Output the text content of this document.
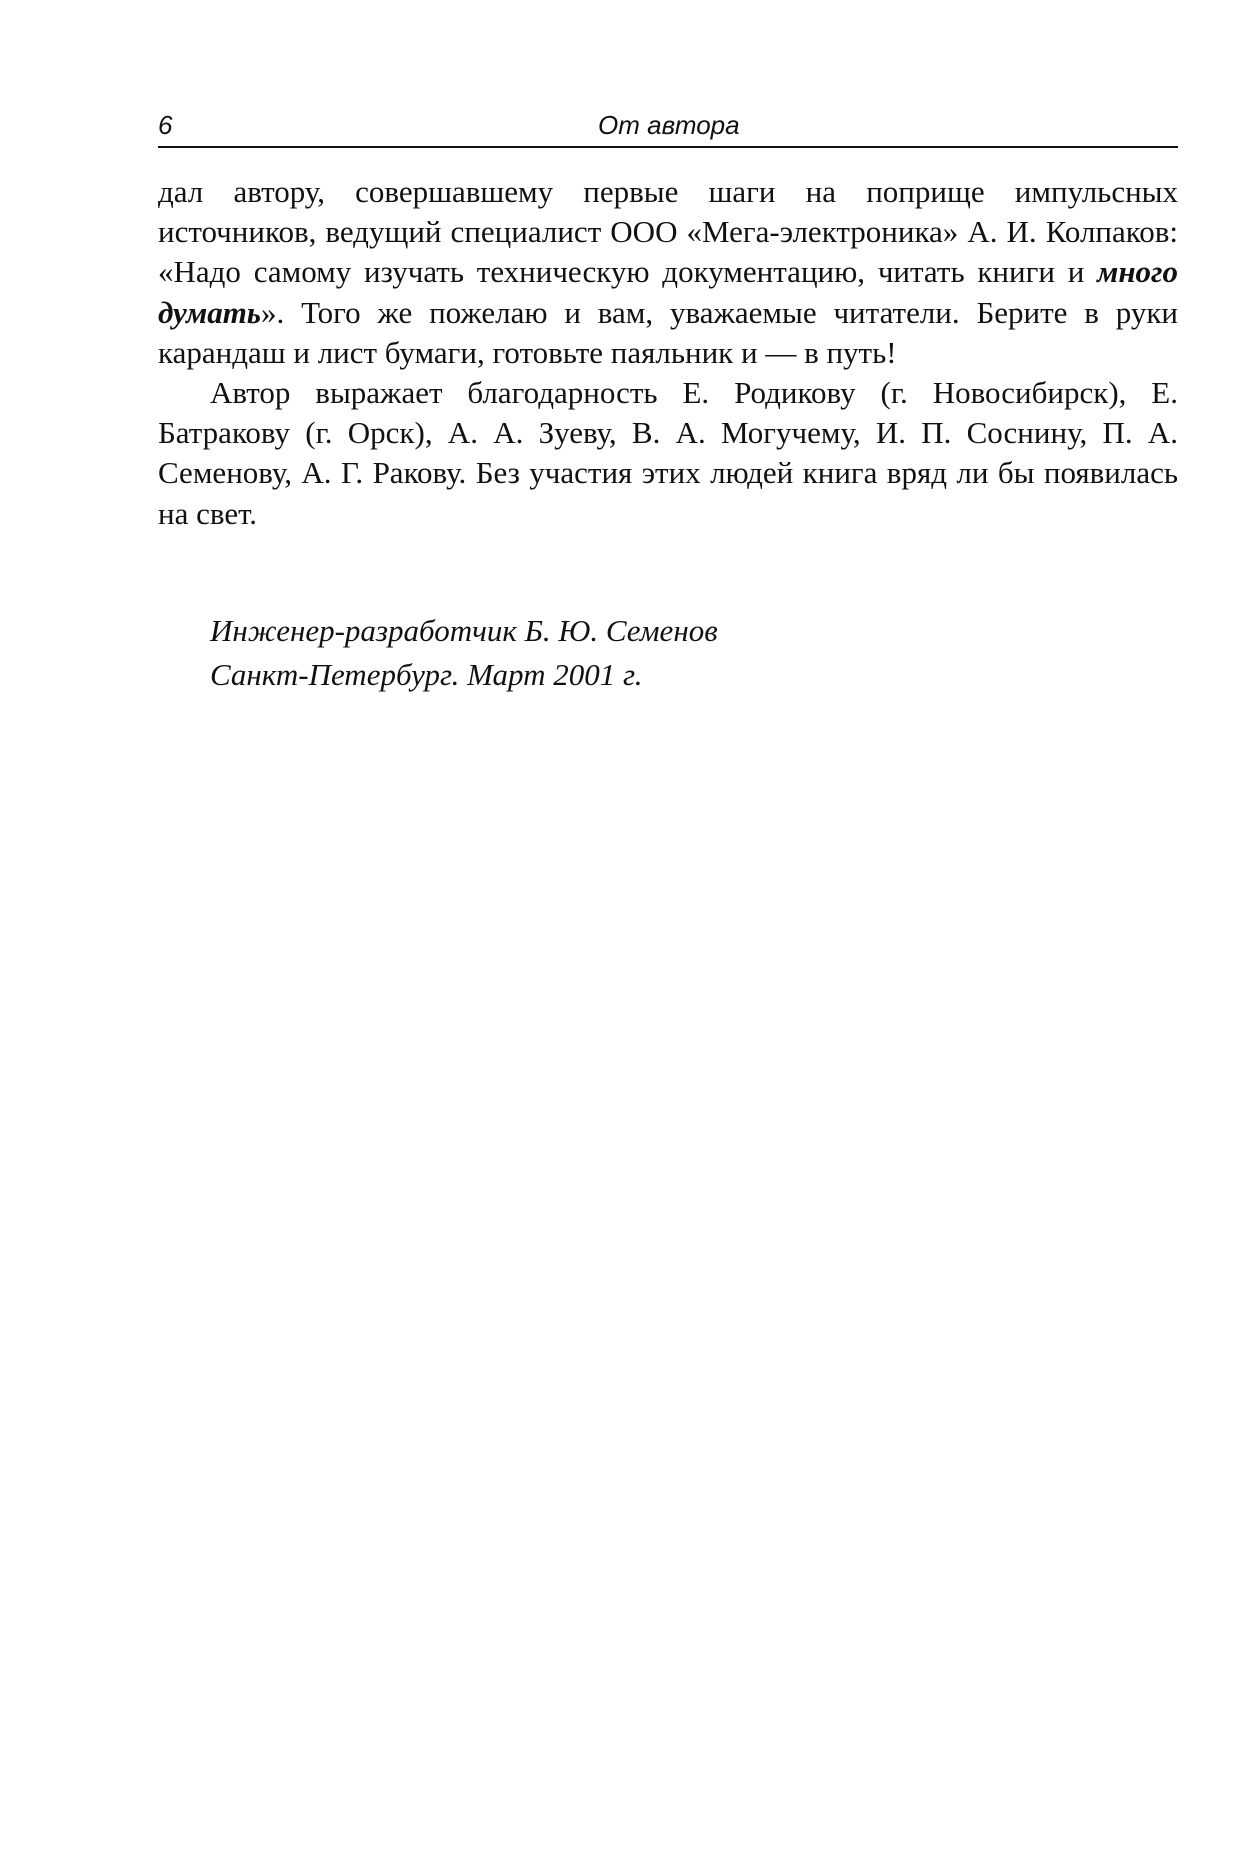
6	От автора

дал автору, совершавшему первые шаги на поприще импульсных источников, ведущий специалист ООО «Мега-электроника» А. И. Колпаков: «Надо самому изучать техническую документацию, читать книги и много думать». Того же пожелаю и вам, уважаемые читатели. Берите в руки карандаш и лист бумаги, готовьте паяльник и — в путь!

Автор выражает благодарность Е. Родикову (г. Новосибирск), Е. Батракову (г. Орск), А. А. Зуеву, В. А. Могучему, И. П. Соснину, П. А. Семенову, А. Г. Ракову. Без участия этих людей книга вряд ли бы появилась на свет.

Инженер-разработчик Б. Ю. Семенов
Санкт-Петербург. Март 2001 г.
